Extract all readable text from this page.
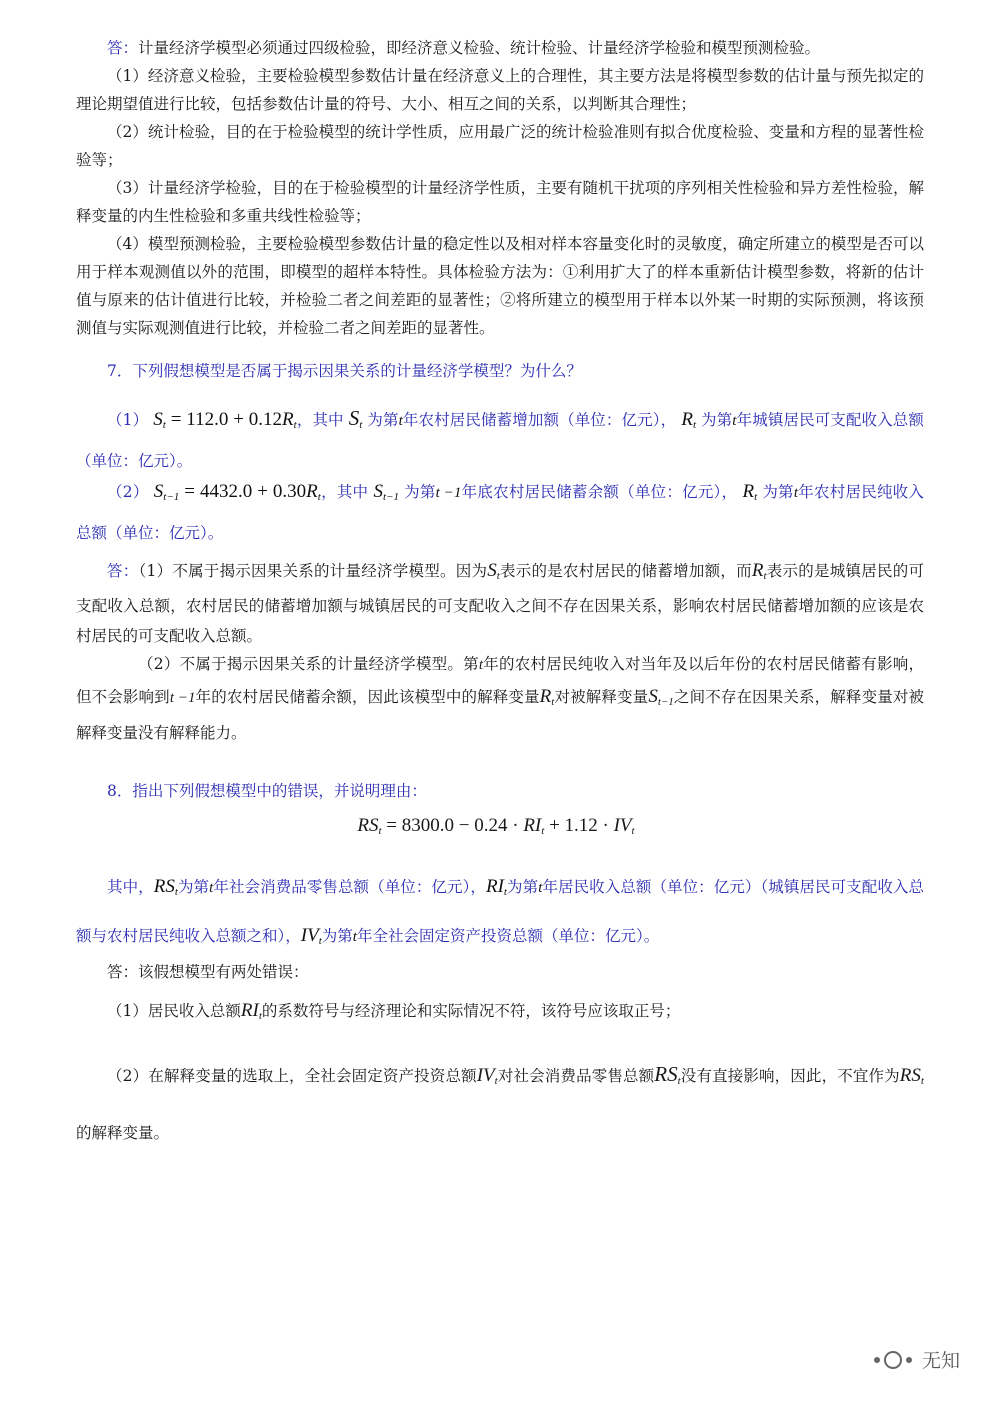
答：计量经济学模型必须通过四级检验，即经济意义检验、统计检验、计量经济学检验和模型预测检验。

（1）经济意义检验，主要检验模型参数估计量在经济意义上的合理性，其主要方法是将模型参数的估计量与预先拟定的理论期望值进行比较，包括参数估计量的符号、大小、相互之间的关系，以判断其合理性；

（2）统计检验，目的在于检验模型的统计学性质，应用最广泛的统计检验准则有拟合优度检验、变量和方程的显著性检验等；

（3）计量经济学检验，目的在于检验模型的计量经济学性质，主要有随机干扰项的序列相关性检验和异方差性检验，解释变量的内生性检验和多重共线性检验等；

（4）模型预测检验，主要检验模型参数估计量的稳定性以及相对样本容量变化时的灵敏度，确定所建立的模型是否可以用于样本观测值以外的范围，即模型的超样本特性。具体检验方法为：①利用扩大了的样本重新估计模型参数，将新的估计值与原来的估计值进行比较，并检验二者之间差距的显著性；②将所建立的模型用于样本以外某一时期的实际预测，将该预测值与实际观测值进行比较，并检验二者之间差距的显著性。

7．下列假想模型是否属于揭示因果关系的计量经济学模型？为什么？

（1） $S_t = 112.0 + 0.12R_t$，其中 $S_t$ 为第t年农村居民储蓄增加额（单位：亿元）， $R_t$ 为第t年城镇居民可支配收入总额（单位：亿元）。

（2） $S_{t-1} = 4432.0 + 0.30R_t$，其中 $S_{t-1}$ 为第t −1年底农村居民储蓄余额（单位：亿元）， $R_t$ 为第t年农村居民纯收入总额（单位：亿元）。

答：（1）不属于揭示因果关系的计量经济学模型。因为$S_t$表示的是农村居民的储蓄增加额，而$R_t$表示的是城镇居民的可支配收入总额，农村居民的储蓄增加额与城镇居民的可支配收入之间不存在因果关系，影响农村居民储蓄增加额的应该是农村居民的可支配收入总额。

（2）不属于揭示因果关系的计量经济学模型。第t年的农村居民纯收入对当年及以后年份的农村居民储蓄有影响，但不会影响到t −1年的农村居民储蓄余额，因此该模型中的解释变量$R_t$对被解释变量$S_{t-1}$之间不存在因果关系，解释变量对被解释变量没有解释能力。

8．指出下列假想模型中的错误，并说明理由：

$RS_t = 8300.0 - 0.24 \cdot RI_t + 1.12 \cdot IV_t$

其中，$RS_t$为第t年社会消费品零售总额（单位：亿元），$RI_t$为第t年居民收入总额（单位：亿元）（城镇居民可支配收入总额与农村居民纯收入总额之和），$IV_t$为第t年全社会固定资产投资总额（单位：亿元）。

答：该假想模型有两处错误：

（1）居民收入总额$RI_t$的系数符号与经济理论和实际情况不符，该符号应该取正号；

（2）在解释变量的选取上，全社会固定资产投资总额$IV_t$对社会消费品零售总额$RS_t$没有直接影响，因此，不宜作为$RS_t$的解释变量。

无知
